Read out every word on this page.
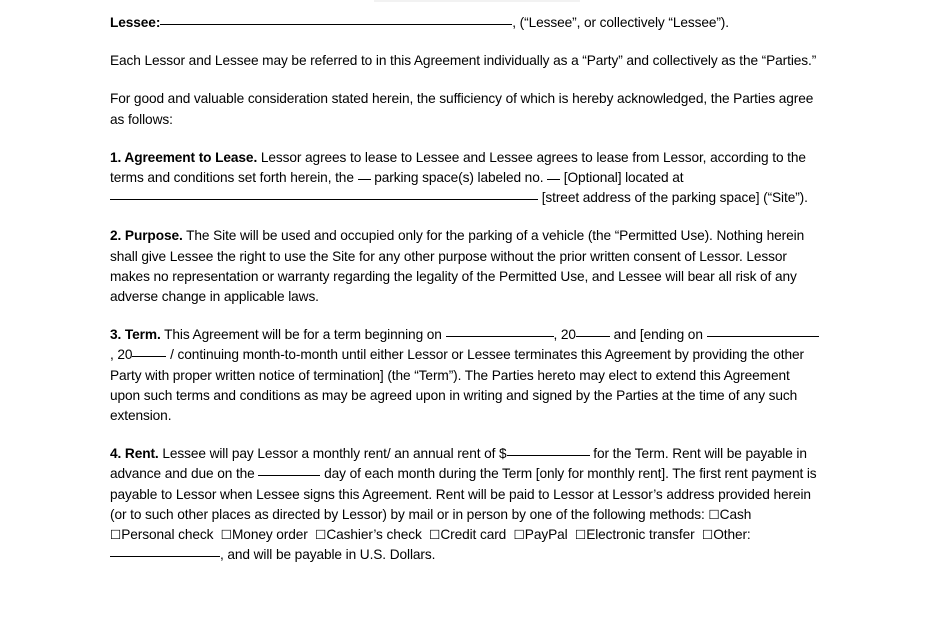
Lessee:	, (“Lessee”, or collectively “Lessee”).

Each Lessor and Lessee may be referred to in this Agreement individually as a “Party” and collectively as the “Parties.”

For good and valuable consideration stated herein, the sufficiency of which is hereby acknowledged, the Parties agree as follows:

1. Agreement to Lease. Lessor agrees to lease to Lessee and Lessee agrees to lease from Lessor, according to the terms and conditions set forth herein, the  parking space(s) labeled no.  [Optional] located at  [street address of the parking space] (“Site”).

2. Purpose. The Site will be used and occupied only for the parking of a vehicle (the “Permitted Use). Nothing herein shall give Lessee the right to use the Site for any other purpose without the prior written consent of Lessor. Lessor makes no representation or warranty regarding the legality of the Permitted Use, and Lessee will bear all risk of any adverse change in applicable laws.

3. Term. This Agreement will be for a term beginning on	, 20 and [ending on , 20 / continuing month-to-month until either Lessor or Lessee terminates this Agreement by providing the other Party with proper written notice of termination] (the “Term”). The Parties hereto may elect to extend this Agreement upon such terms and conditions as may be agreed upon in writing and signed by the Parties at the time of any such extension.

4. Rent. Lessee will pay Lessor a monthly rent/ an annual rent of $	for the Term. Rent will be payable in advance and due on the	day of each month during the Term [only for monthly rent]. The first rent payment is payable to Lessor when Lessee signs this Agreement. Rent will be paid to Lessor at Lessor’s address provided herein (or to such other places as directed by Lessor) by mail or in person by one of the following methods: ☐Cash  ☐Personal check ☐Money order ☐Cashier’s check ☐Credit card ☐PayPal ☐Electronic transfer ☐Other:, and will be payable in U.S. Dollars.
